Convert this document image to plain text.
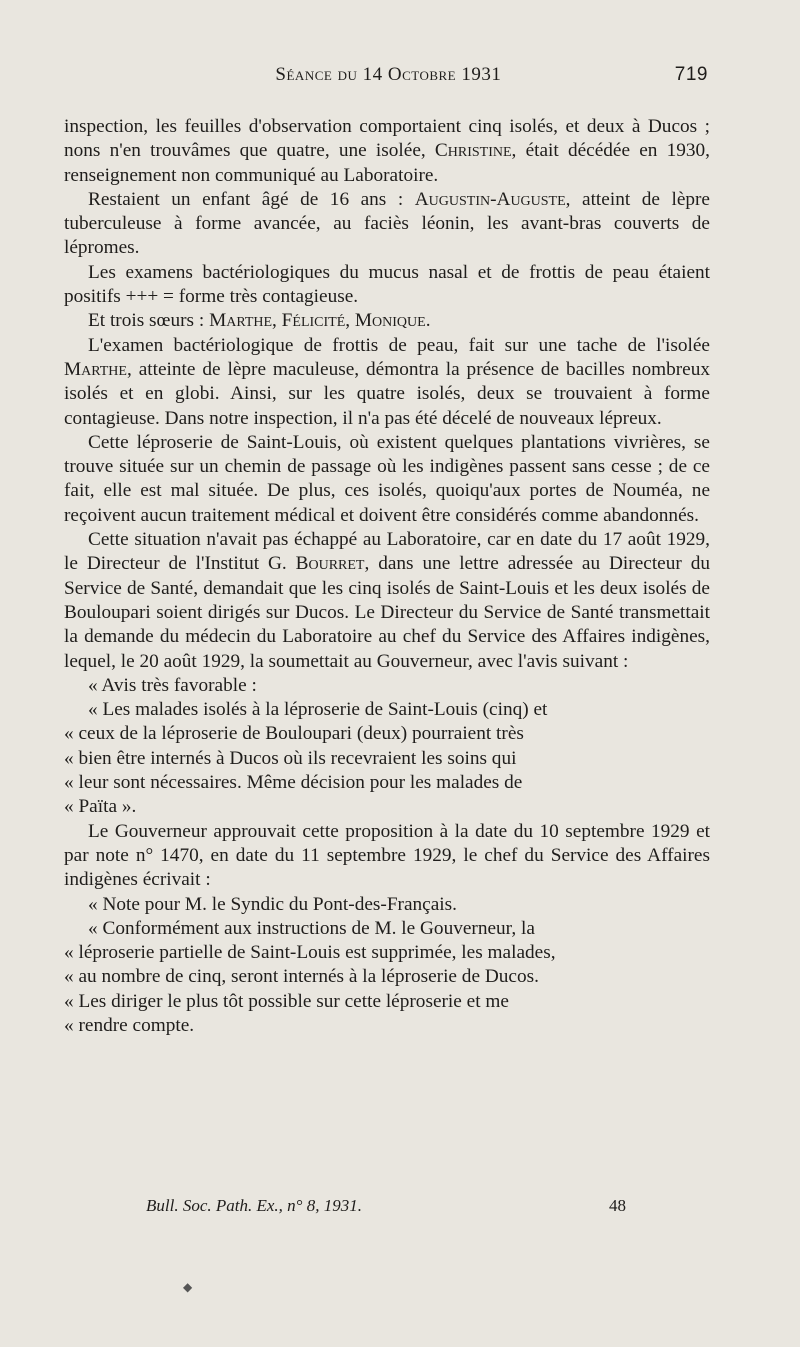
Séance du 14 Octobre 1931	719

inspection, les feuilles d'observation comportaient cinq isolés, et deux à Ducos ; nons n'en trouvâmes que quatre, une isolée, Christine, était décédée en 1930, renseignement non communiqué au Laboratoire.

Restaient un enfant âgé de 16 ans : Augustin-Auguste, atteint de lèpre tuberculeuse à forme avancée, au faciès léonin, les avant-bras couverts de lépromes.

Les examens bactériologiques du mucus nasal et de frottis de peau étaient positifs +++ = forme très contagieuse.

Et trois sœurs : Marthe, Félicité, Monique.

L'examen bactériologique de frottis de peau, fait sur une tache de l'isolée Marthe, atteinte de lèpre maculeuse, démontra la présence de bacilles nombreux isolés et en globi. Ainsi, sur les quatre isolés, deux se trouvaient à forme contagieuse. Dans notre inspection, il n'a pas été décelé de nouveaux lépreux.

Cette léproserie de Saint-Louis, où existent quelques plantations vivrières, se trouve située sur un chemin de passage où les indigènes passent sans cesse ; de ce fait, elle est mal située. De plus, ces isolés, quoiqu'aux portes de Nouméa, ne reçoivent aucun traitement médical et doivent être considérés comme abandonnés.

Cette situation n'avait pas échappé au Laboratoire, car en date du 17 août 1929, le Directeur de l'Institut G. Bourret, dans une lettre adressée au Directeur du Service de Santé, demandait que les cinq isolés de Saint-Louis et les deux isolés de Bouloupari soient dirigés sur Ducos. Le Directeur du Service de Santé transmettait la demande du médecin du Laboratoire au chef du Service des Affaires indigènes, lequel, le 20 août 1929, la soumettait au Gouverneur, avec l'avis suivant :

« Avis très favorable :

« Les malades isolés à la léproserie de Saint-Louis (cinq) et

« ceux de la léproserie de Bouloupari (deux) pourraient très

« bien être internés à Ducos où ils recevraient les soins qui

« leur sont nécessaires. Même décision pour les malades de

« Païta ».

Le Gouverneur approuvait cette proposition à la date du 10 septembre 1929 et par note n° 1470, en date du 11 septembre 1929, le chef du Service des Affaires indigènes écrivait :

« Note pour M. le Syndic du Pont-des-Français.

« Conformément aux instructions de M. le Gouverneur, la

« léproserie partielle de Saint-Louis est supprimée, les malades,

« au nombre de cinq, seront internés à la léproserie de Ducos.

« Les diriger le plus tôt possible sur cette léproserie et me

« rendre compte.

Bull. Soc. Path. Ex., n° 8, 1931.	48
◆
